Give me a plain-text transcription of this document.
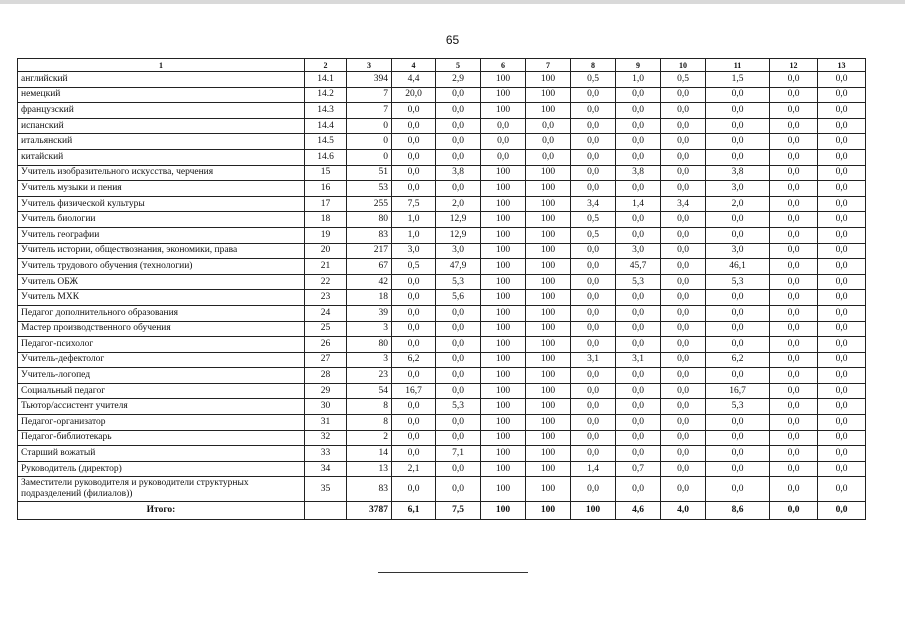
65
1	2	3	4	5	6	7	8	9	10	11	12	13
английский	14.1	394	4,4	2,9	100	100	0,5	1,0	0,5	1,5	0,0	0,0
немецкий	14.2	7	20,0	0,0	100	100	0,0	0,0	0,0	0,0	0,0	0,0
французский	14.3	7	0,0	0,0	100	100	0,0	0,0	0,0	0,0	0,0	0,0
испанский	14.4	0	0,0	0,0	0,0	0,0	0,0	0,0	0,0	0,0	0,0	0,0
итальянский	14.5	0	0,0	0,0	0,0	0,0	0,0	0,0	0,0	0,0	0,0	0,0
китайский	14.6	0	0,0	0,0	0,0	0,0	0,0	0,0	0,0	0,0	0,0	0,0
Учитель изобразительного искусства, черчения	15	51	0,0	3,8	100	100	0,0	3,8	0,0	3,8	0,0	0,0
Учитель музыки и пения	16	53	0,0	0,0	100	100	0,0	0,0	0,0	3,0	0,0	0,0
Учитель физической культуры	17	255	7,5	2,0	100	100	3,4	1,4	3,4	2,0	0,0	0,0
Учитель биологии	18	80	1,0	12,9	100	100	0,5	0,0	0,0	0,0	0,0	0,0
Учитель географии	19	83	1,0	12,9	100	100	0,5	0,0	0,0	0,0	0,0	0,0
Учитель истории, обществознания, экономики, права	20	217	3,0	3,0	100	100	0,0	3,0	0,0	3,0	0,0	0,0
Учитель трудового обучения (технологии)	21	67	0,5	47,9	100	100	0,0	45,7	0,0	46,1	0,0	0,0
Учитель ОБЖ	22	42	0,0	5,3	100	100	0,0	5,3	0,0	5,3	0,0	0,0
Учитель МХК	23	18	0,0	5,6	100	100	0,0	0,0	0,0	0,0	0,0	0,0
Педагог дополнительного образования	24	39	0,0	0,0	100	100	0,0	0,0	0,0	0,0	0,0	0,0
Мастер производственного обучения	25	3	0,0	0,0	100	100	0,0	0,0	0,0	0,0	0,0	0,0
Педагог-психолог	26	80	0,0	0,0	100	100	0,0	0,0	0,0	0,0	0,0	0,0
Учитель-дефектолог	27	3	6,2	0,0	100	100	3,1	3,1	0,0	6,2	0,0	0,0
Учитель-логопед	28	23	0,0	0,0	100	100	0,0	0,0	0,0	0,0	0,0	0,0
Социальный педагог	29	54	16,7	0,0	100	100	0,0	0,0	0,0	16,7	0,0	0,0
Тьютор/ассистент учителя	30	8	0,0	5,3	100	100	0,0	0,0	0,0	5,3	0,0	0,0
Педагог-организатор	31	8	0,0	0,0	100	100	0,0	0,0	0,0	0,0	0,0	0,0
Педагог-библиотекарь	32	2	0,0	0,0	100	100	0,0	0,0	0,0	0,0	0,0	0,0
Старший вожатый	33	14	0,0	7,1	100	100	0,0	0,0	0,0	0,0	0,0	0,0
Руководитель (директор)	34	13	2,1	0,0	100	100	1,4	0,7	0,0	0,0	0,0	0,0
Заместители руководителя и руководители структурных подразделений (филиалов))	35	83	0,0	0,0	100	100	0,0	0,0	0,0	0,0	0,0	0,0
Итого:		3787	6,1	7,5	100	100	100	4,6	4,0	8,6	0,0	0,0
